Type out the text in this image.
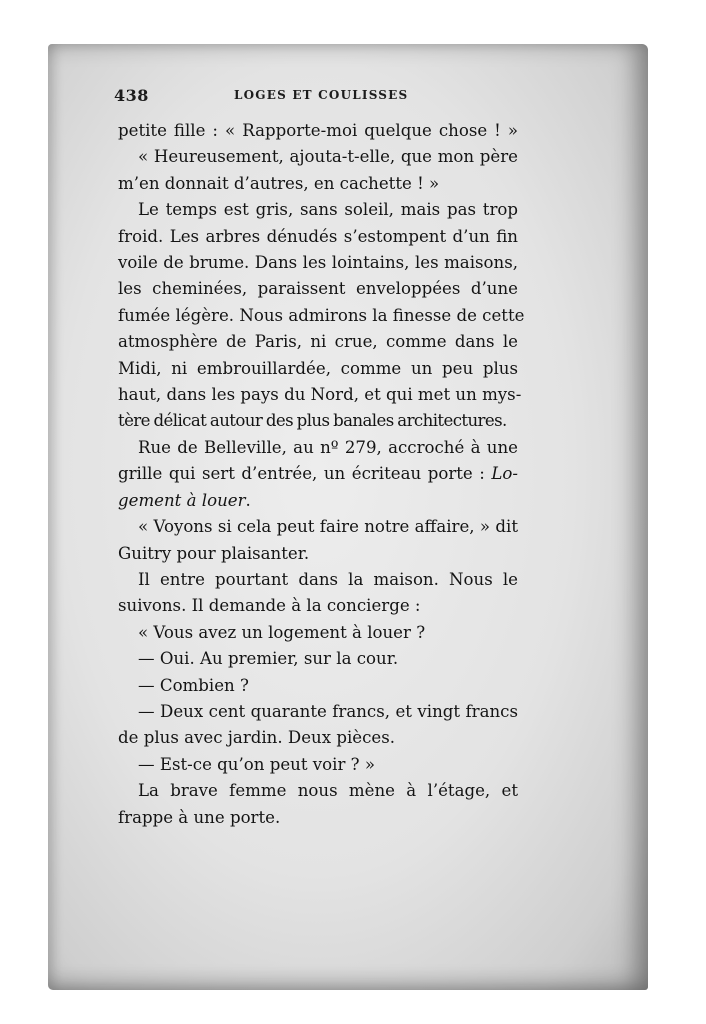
438	LOGES ET COULISSES
petite fille : « Rapporte-moi quelque chose ! »
« Heureusement, ajouta-t-elle, que mon père
m’en donnait d’autres, en cachette ! »
Le temps est gris, sans soleil, mais pas trop
froid. Les arbres dénudés s’estompent d’un fin
voile de brume. Dans les lointains, les maisons,
les cheminées, paraissent enveloppées d’une
fumée légère. Nous admirons la finesse de cette
atmosphère de Paris, ni crue, comme dans le
Midi, ni embrouillardée, comme un peu plus
haut, dans les pays du Nord, et qui met un mys-
tère délicat autour des plus banales architectures.
Rue de Belleville, au nº 279, accroché à une
grille qui sert d’entrée, un écriteau porte : Lo-
gement à louer.
« Voyons si cela peut faire notre affaire, » dit
Guitry pour plaisanter.
Il entre pourtant dans la maison. Nous le
suivons. Il demande à la concierge :
« Vous avez un logement à louer ?
— Oui. Au premier, sur la cour.
— Combien ?
— Deux cent quarante francs, et vingt francs
de plus avec jardin. Deux pièces.
— Est-ce qu’on peut voir ? »
La brave femme nous mène à l’étage, et
frappe à une porte.
